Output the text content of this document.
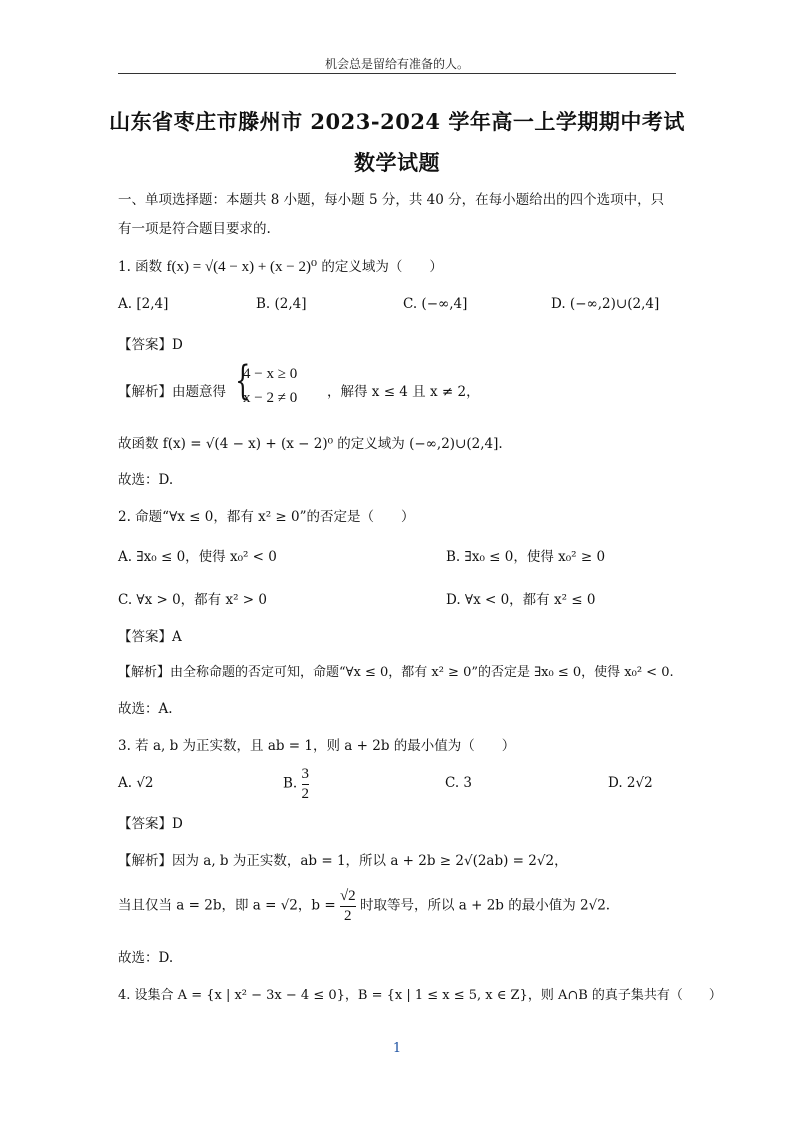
机会总是留给有准备的人。
山东省枣庄市滕州市 2023-2024 学年高一上学期期中考试
数学试题
一、单项选择题：本题共 8 小题，每小题 5 分，共 40 分，在每小题给出的四个选项中，只
有一项是符合题目要求的.
1. 函数 f(x) = √(4 − x) + (x − 2)⁰ 的定义域为（　　）
A. [2,4]	B. (2,4]	C. (−∞,4]	D. (−∞,2)∪(2,4]
【答案】D
【解析】由题意得 {
4 − x ≥ 0
x − 2 ≠ 0 ，解得 x ≤ 4 且 x ≠ 2，
故函数 f(x) = √(4 − x) + (x − 2)⁰ 的定义域为 (−∞,2)∪(2,4].
故选：D.
2. 命题“∀x ≤ 0，都有 x² ≥ 0”的否定是（　　）
A. ∃x₀ ≤ 0，使得 x₀² < 0	B. ∃x₀ ≤ 0，使得 x₀² ≥ 0
C. ∀x > 0，都有 x² > 0	D. ∀x < 0，都有 x² ≤ 0
【答案】A
【解析】由全称命题的否定可知，命题“∀x ≤ 0，都有 x² ≥ 0”的否定是 ∃x₀ ≤ 0，使得 x₀² < 0.
故选：A.
3. 若 a, b 为正实数，且 ab = 1，则 a + 2b 的最小值为（　　）
A. √2	B. $\frac{3}{2}$	C. 3	D. 2√2
【答案】D
【解析】因为 a, b 为正实数，ab = 1，所以 a + 2b ≥ 2√(2ab) = 2√2，
当且仅当 a = 2b，即 a = √2，$b = \frac{√2}{2}$ 时取等号，所以 a + 2b 的最小值为 2√2.
故选：D.
4. 设集合 A = {x | x² − 3x − 4 ≤ 0}，B = {x | 1 ≤ x ≤ 5, x ∈ Z}，则 A∩B 的真子集共有（　　）
1
